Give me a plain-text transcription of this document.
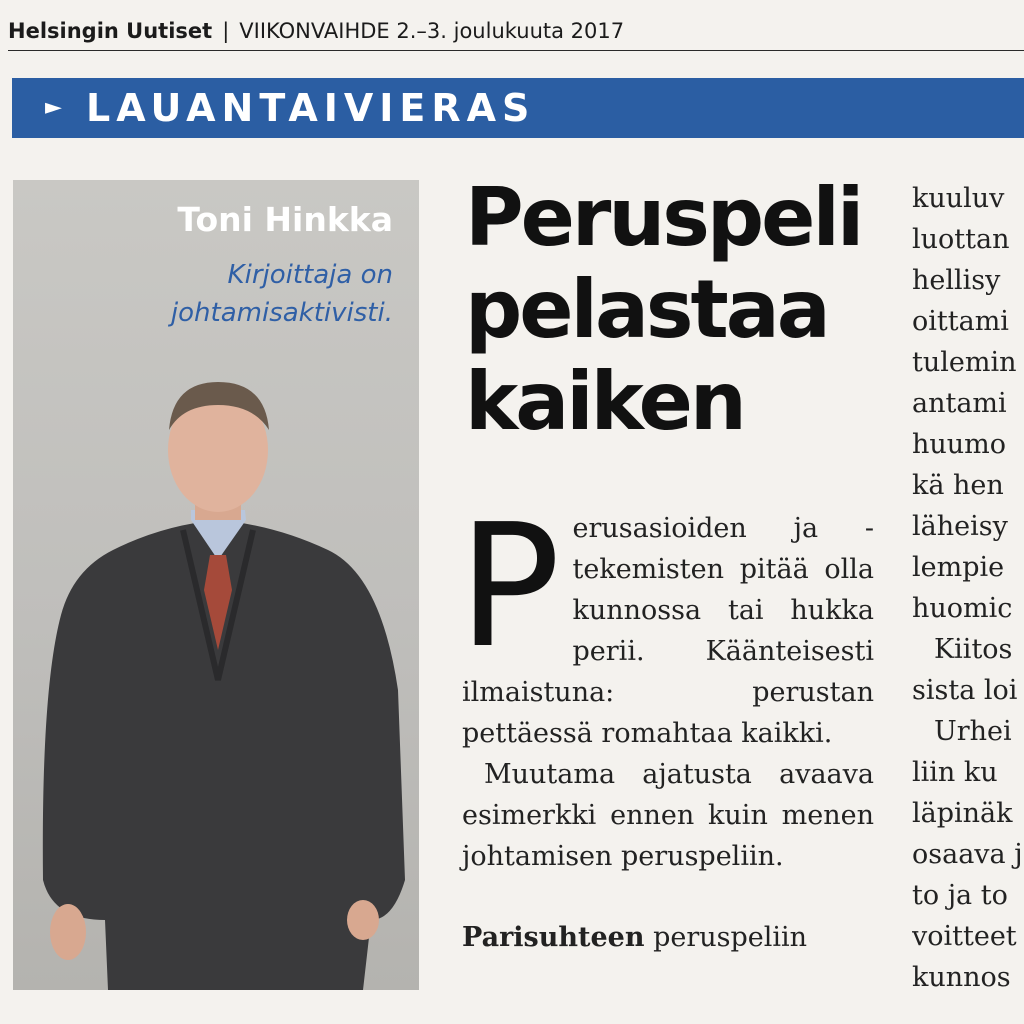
Helsingin Uutiset | VIIKONVAIHDE 2.–3. joulukuuta 2017
► LAUANTAIVIERAS
Toni Hinkka
Kirjoittaja on johtamisaktivisti.
Peruspeli
pelastaa
kaiken

Perusasioiden ja -tekemisten pitää olla kunnossa tai hukka perii. Käänteisesti ilmaistuna: perustan pettäessä romahtaa kaikki.

Muutama ajatusta avaava esimerkki ennen kuin menen johtamisen peruspeliin.

Parisuhteen peruspeliin

kuuluv
luottan
hellisy
oittami
tulemin
antami
huumo
kä hen
läheisy
lempie
huomic
Kiitos
sista loi
Urhei
liin ku
läpinäk
osaava j
to ja to
voitteet
kunnos
